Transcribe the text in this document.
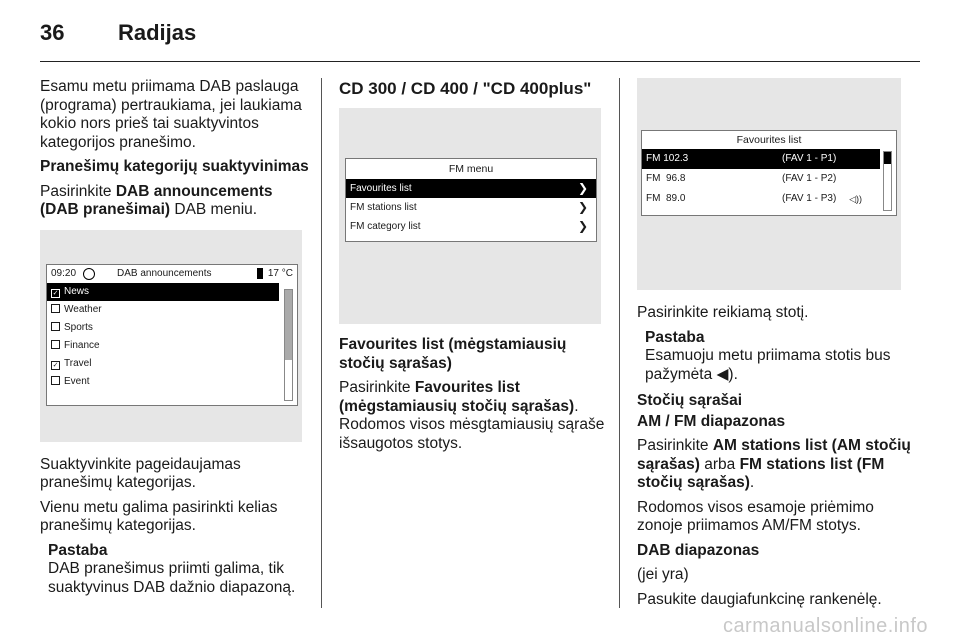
36 Radijas

Esamu metu priimama DAB paslauga (programa) pertraukiama, jei laukiama kokio nors prieš tai suaktyvintos kategorijos pranešimo.

Pranešimų kategorijų suaktyvinimas

Pasirinkite DAB announcements (DAB pranešimai) DAB meniu.

09:20	DAB announcements	17 °C
✓ News
Weather
Sports
Finance
✓ Travel
Event

Suaktyvinkite pageidaujamas pranešimų kategorijas.

Vienu metu galima pasirinkti kelias pranešimų kategorijas.

Pastaba
DAB pranešimus priimti galima, tik suaktyvinus DAB dažnio diapazoną.
CD 300 / CD 400 / "CD 400plus"
FM menu
Favourites list	❯
FM stations list	❯
FM category list	❯

Favourites list (mėgstamiausių stočių sąrašas)

Pasirinkite Favourites list (mėgstamiausių stočių sąrašas).

Rodomos visos mėsgtamiausių sąraše išsaugotos stotys.

Favourites list
FM 102.3	(FAV 1 - P1)
FM  96.8	(FAV 1 - P2)
FM  89.0	(FAV 1 - P3) ◁))

Pasirinkite reikiamą stotį.

Pastaba
Esamuoju metu priimama stotis bus pažymėta ◀).

Stočių sąrašai

AM / FM diapazonas

Pasirinkite AM stations list (AM stočių sąrašas) arba FM stations list (FM stočių sąrašas).

Rodomos visos esamoje priėmimo zonoje priimamos AM/FM stotys.

DAB diapazonas

(jei yra)

Pasukite daugiafunkcinę rankenėlę.

carmanualsonline.info
